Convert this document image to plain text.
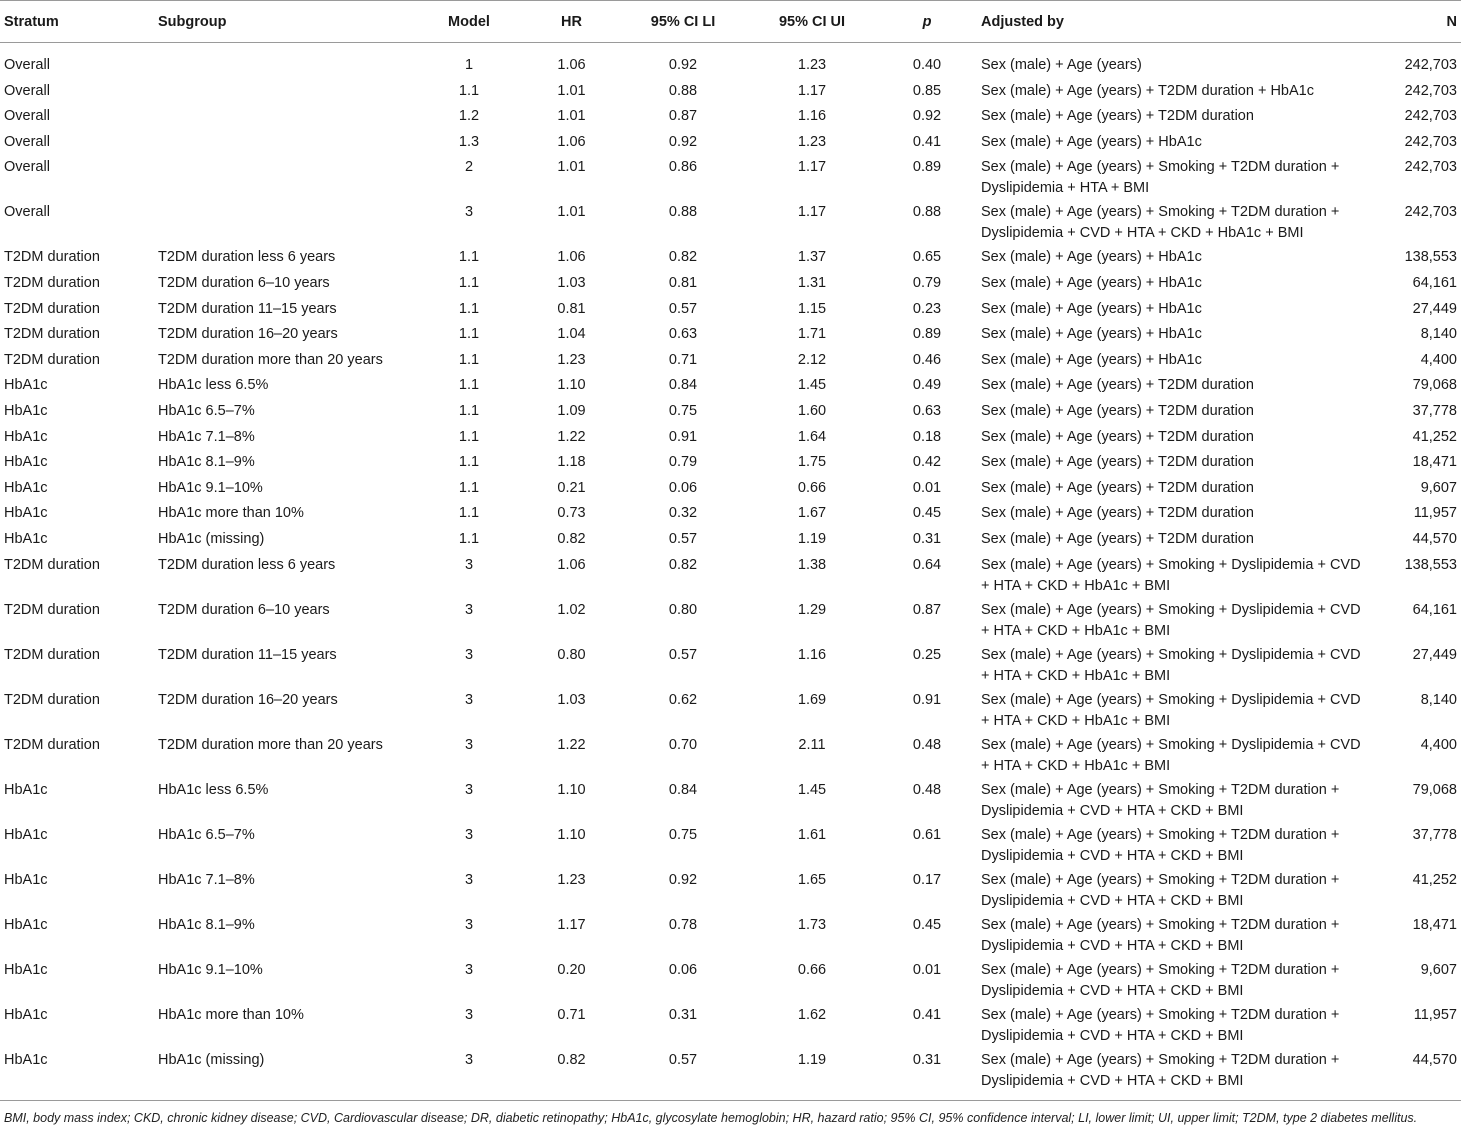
Stratum	Subgroup	Model	HR	95% CI LI	95% CI UI	p	Adjusted by	N
Overall		1	1.06	0.92	1.23	0.40	Sex (male) + Age (years)	242,703
Overall		1.1	1.01	0.88	1.17	0.85	Sex (male) + Age (years) + T2DM duration + HbA1c	242,703
Overall		1.2	1.01	0.87	1.16	0.92	Sex (male) + Age (years) + T2DM duration	242,703
Overall		1.3	1.06	0.92	1.23	0.41	Sex (male) + Age (years) + HbA1c	242,703
Overall		2	1.01	0.86	1.17	0.89	Sex (male) + Age (years) + Smoking + T2DM duration + Dyslipidemia + HTA + BMI	242,703
Overall		3	1.01	0.88	1.17	0.88	Sex (male) + Age (years) + Smoking + T2DM duration + Dyslipidemia + CVD + HTA + CKD + HbA1c + BMI	242,703
T2DM duration	T2DM duration less 6 years	1.1	1.06	0.82	1.37	0.65	Sex (male) + Age (years) + HbA1c	138,553
T2DM duration	T2DM duration 6–10 years	1.1	1.03	0.81	1.31	0.79	Sex (male) + Age (years) + HbA1c	64,161
T2DM duration	T2DM duration 11–15 years	1.1	0.81	0.57	1.15	0.23	Sex (male) + Age (years) + HbA1c	27,449
T2DM duration	T2DM duration 16–20 years	1.1	1.04	0.63	1.71	0.89	Sex (male) + Age (years) + HbA1c	8,140
T2DM duration	T2DM duration more than 20 years	1.1	1.23	0.71	2.12	0.46	Sex (male) + Age (years) + HbA1c	4,400
HbA1c	HbA1c less 6.5%	1.1	1.10	0.84	1.45	0.49	Sex (male) + Age (years) + T2DM duration	79,068
HbA1c	HbA1c 6.5–7%	1.1	1.09	0.75	1.60	0.63	Sex (male) + Age (years) + T2DM duration	37,778
HbA1c	HbA1c 7.1–8%	1.1	1.22	0.91	1.64	0.18	Sex (male) + Age (years) + T2DM duration	41,252
HbA1c	HbA1c 8.1–9%	1.1	1.18	0.79	1.75	0.42	Sex (male) + Age (years) + T2DM duration	18,471
HbA1c	HbA1c 9.1–10%	1.1	0.21	0.06	0.66	0.01	Sex (male) + Age (years) + T2DM duration	9,607
HbA1c	HbA1c more than 10%	1.1	0.73	0.32	1.67	0.45	Sex (male) + Age (years) + T2DM duration	11,957
HbA1c	HbA1c (missing)	1.1	0.82	0.57	1.19	0.31	Sex (male) + Age (years) + T2DM duration	44,570
T2DM duration	T2DM duration less 6 years	3	1.06	0.82	1.38	0.64	Sex (male) + Age (years) + Smoking + Dyslipidemia + CVD + HTA + CKD + HbA1c + BMI	138,553
T2DM duration	T2DM duration 6–10 years	3	1.02	0.80	1.29	0.87	Sex (male) + Age (years) + Smoking + Dyslipidemia + CVD + HTA + CKD + HbA1c + BMI	64,161
T2DM duration	T2DM duration 11–15 years	3	0.80	0.57	1.16	0.25	Sex (male) + Age (years) + Smoking + Dyslipidemia + CVD + HTA + CKD + HbA1c + BMI	27,449
T2DM duration	T2DM duration 16–20 years	3	1.03	0.62	1.69	0.91	Sex (male) + Age (years) + Smoking + Dyslipidemia + CVD + HTA + CKD + HbA1c + BMI	8,140
T2DM duration	T2DM duration more than 20 years	3	1.22	0.70	2.11	0.48	Sex (male) + Age (years) + Smoking + Dyslipidemia + CVD + HTA + CKD + HbA1c + BMI	4,400
HbA1c	HbA1c less 6.5%	3	1.10	0.84	1.45	0.48	Sex (male) + Age (years) + Smoking + T2DM duration + Dyslipidemia + CVD + HTA + CKD + BMI	79,068
HbA1c	HbA1c 6.5–7%	3	1.10	0.75	1.61	0.61	Sex (male) + Age (years) + Smoking + T2DM duration + Dyslipidemia + CVD + HTA + CKD + BMI	37,778
HbA1c	HbA1c 7.1–8%	3	1.23	0.92	1.65	0.17	Sex (male) + Age (years) + Smoking + T2DM duration + Dyslipidemia + CVD + HTA + CKD + BMI	41,252
HbA1c	HbA1c 8.1–9%	3	1.17	0.78	1.73	0.45	Sex (male) + Age (years) + Smoking + T2DM duration + Dyslipidemia + CVD + HTA + CKD + BMI	18,471
HbA1c	HbA1c 9.1–10%	3	0.20	0.06	0.66	0.01	Sex (male) + Age (years) + Smoking + T2DM duration + Dyslipidemia + CVD + HTA + CKD + BMI	9,607
HbA1c	HbA1c more than 10%	3	0.71	0.31	1.62	0.41	Sex (male) + Age (years) + Smoking + T2DM duration + Dyslipidemia + CVD + HTA + CKD + BMI	11,957
HbA1c	HbA1c (missing)	3	0.82	0.57	1.19	0.31	Sex (male) + Age (years) + Smoking + T2DM duration + Dyslipidemia + CVD + HTA + CKD + BMI	44,570
BMI, body mass index; CKD, chronic kidney disease; CVD, Cardiovascular disease; DR, diabetic retinopathy; HbA1c, glycosylate hemoglobin; HR, hazard ratio; 95% CI, 95% confidence interval; LI, lower limit; UI, upper limit; T2DM, type 2 diabetes mellitus.
